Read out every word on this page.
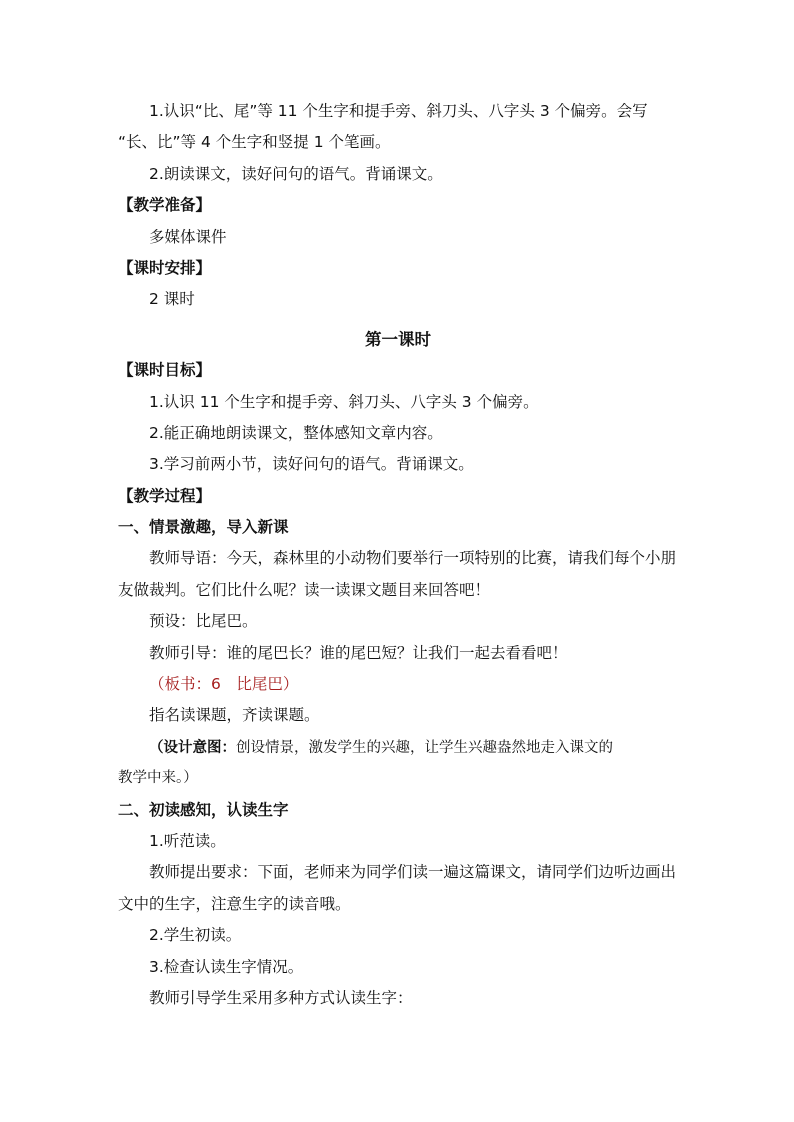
1.认识“比、尾”等 11 个生字和提手旁、斜刀头、八字头 3 个偏旁。会写
“长、比”等 4 个生字和竖提 1 个笔画。
2.朗读课文，读好问句的语气。背诵课文。
【教学准备】
多媒体课件
【课时安排】
2 课时
第一课时
【课时目标】
1.认识 11 个生字和提手旁、斜刀头、八字头 3 个偏旁。
2.能正确地朗读课文，整体感知文章内容。
3.学习前两小节，读好问句的语气。背诵课文。
【教学过程】
一、情景激趣，导入新课
教师导语：今天，森林里的小动物们要举行一项特别的比赛，请我们每个小朋
友做裁判。它们比什么呢？读一读课文题目来回答吧！
预设：比尾巴。
教师引导：谁的尾巴长？谁的尾巴短？让我们一起去看看吧！
（板书：6　比尾巴）
指名读课题，齐读课题。
（设计意图：创设情景，激发学生的兴趣，让学生兴趣盎然地走入课文的
教学中来。）
二、初读感知，认读生字
1.听范读。
教师提出要求：下面，老师来为同学们读一遍这篇课文，请同学们边听边画出
文中的生字，注意生字的读音哦。
2.学生初读。
3.检查认读生字情况。
教师引导学生采用多种方式认读生字：
